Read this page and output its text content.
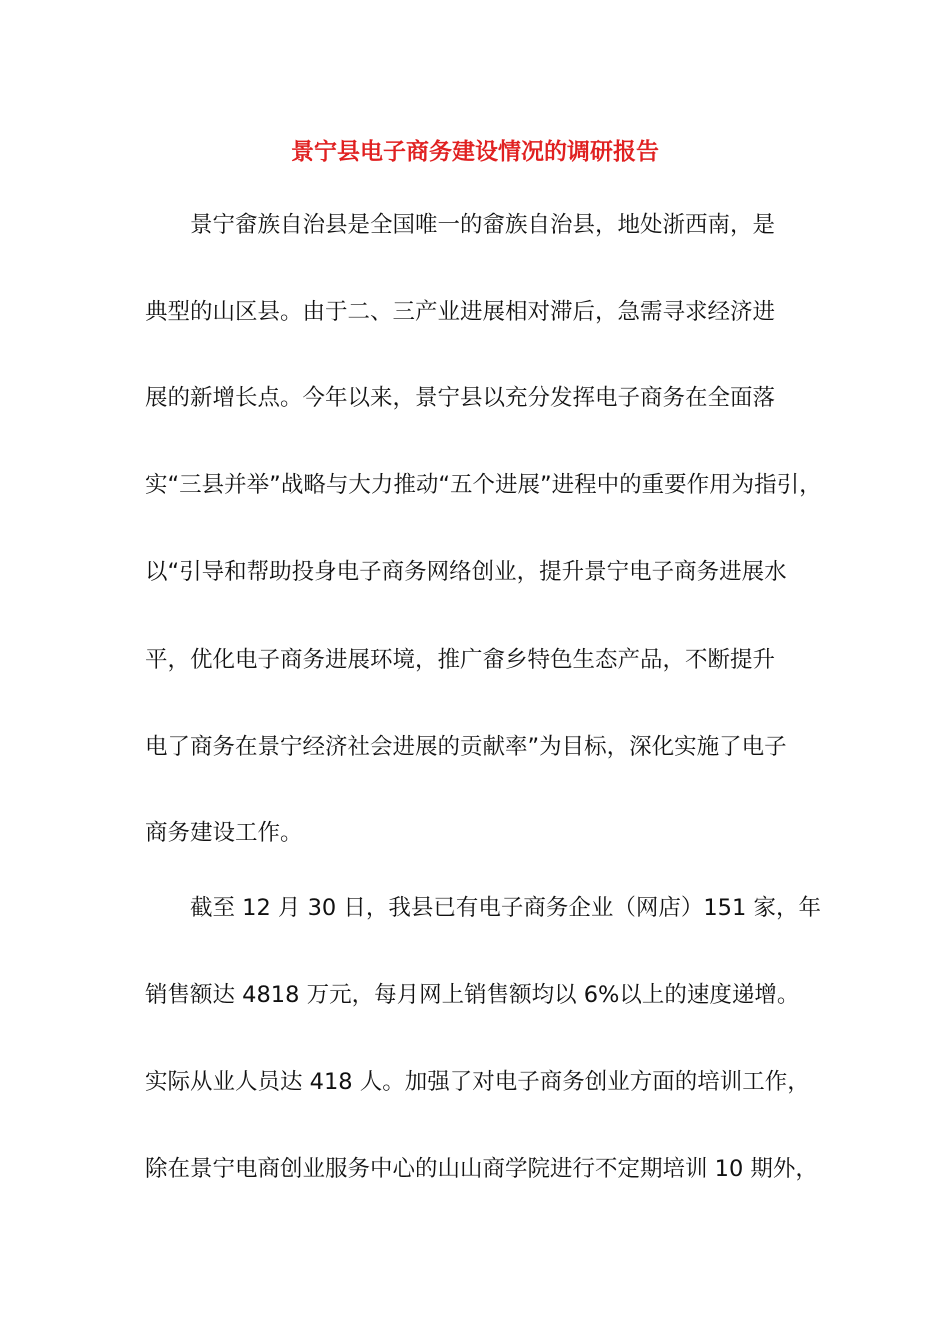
景宁县电子商务建设情况的调研报告
景宁畲族自治县是全国唯一的畲族自治县，地处浙西南，是
典型的山区县。由于二、三产业进展相对滞后，急需寻求经济进
展的新增长点。今年以来，景宁县以充分发挥电子商务在全面落
实“三县并举”战略与大力推动“五个进展”进程中的重要作用为指引，
以“引导和帮助投身电子商务网络创业，提升景宁电子商务进展水
平，优化电子商务进展环境，推广畲乡特色生态产品，不断提升
电了商务在景宁经济社会进展的贡献率”为目标，深化实施了电子
商务建设工作。
截至 12 月 30 日，我县已有电子商务企业（网店）151 家，年
销售额达 4818 万元，每月网上销售额均以 6%以上的速度递增。
实际从业人员达 418 人。加强了对电子商务创业方面的培训工作，
除在景宁电商创业服务中心的山山商学院进行不定期培训 10 期外，
